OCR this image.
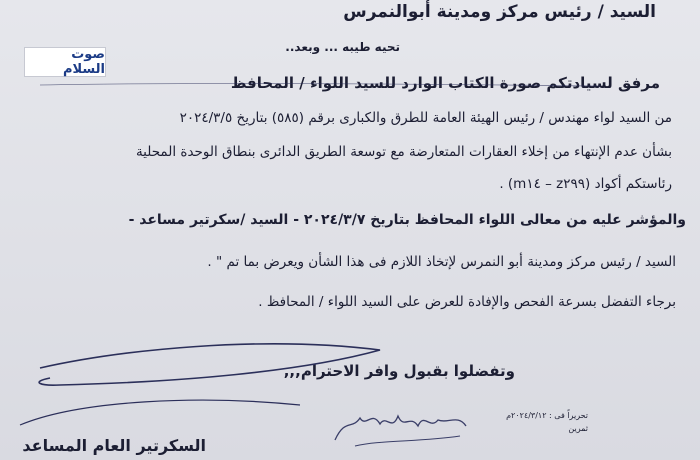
السيد / رئيس مركز ومدينة أبوالنمرس
تحيه طيبه ... وبعد..
صوت السلام
مرفق لسيادتكم صورة الكتاب الوارد للسيد اللواء / المحافظ
من السيد لواء مهندس / رئيس الهيئة العامة للطرق والكبارى برقم (٥٨٥) بتاريخ ٢٠٢٤/٣/٥
بشأن عدم الإنتهاء من إخلاء العقارات المتعارضة مع توسعة الطريق الدائرى بنطاق الوحدة المحلية
رئاستكم أكواد (z٢٩٩ – m١٤) .
والمؤشر عليه من معالى اللواء المحافظ بتاريخ ٢٠٢٤/٣/٧ - السيد /سكرتير مساعد -
السيد / رئيس مركز ومدينة أبو النمرس لإتخاذ اللازم فى هذا الشأن ويعرض بما تم " .
برجاء التفضل بسرعة الفحص والإفادة للعرض على السيد اللواء / المحافظ .
وتفضلوا بقبول وافر الاحترام,,,
تحريراً فى : ٢٠٢٤/٣/١٢م
ثمرين
السكرتير العام المساعد
